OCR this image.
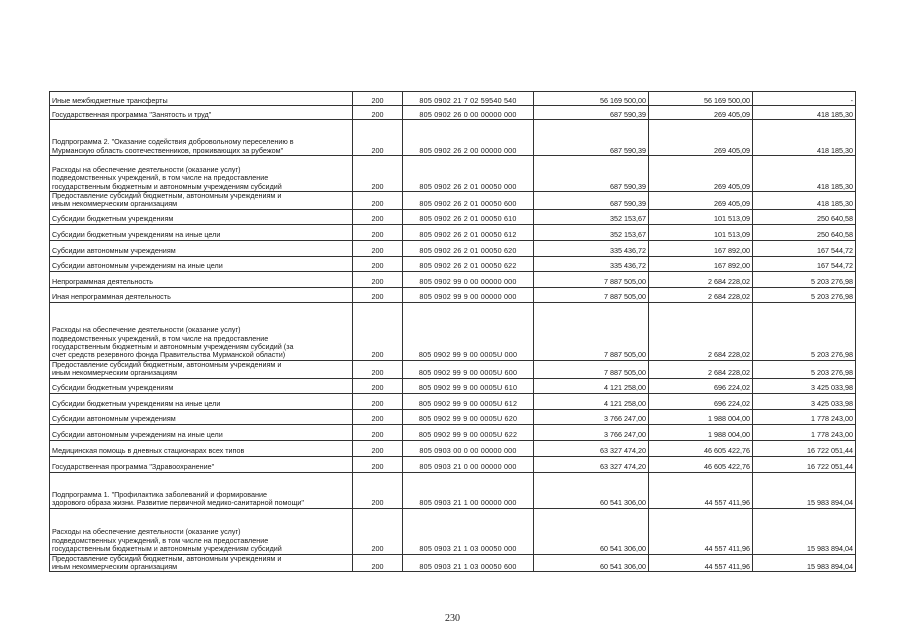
Иные межбюджетные трансферты	200	805 0902 21 7 02 59540 540	56 169 500,00	56 169 500,00	-
Государственная программа "Занятость и труд"	200	805 0902 26 0 00 00000 000	687 590,39	269 405,09	418 185,30
Подпрограмма 2. "Оказание содействия добровольному переселению в
Мурманскую область соотечественников, проживающих за рубежом"	200	805 0902 26 2 00 00000 000	687 590,39	269 405,09	418 185,30
Расходы на обеспечение деятельности (оказание услуг)
подведомственных учреждений, в том числе на предоставление
государственным бюджетным и автономным учреждениям субсидий	200	805 0902 26 2 01 00050 000	687 590,39	269 405,09	418 185,30
Предоставление субсидий бюджетным, автономным учреждениям и
иным некоммерческим организациям	200	805 0902 26 2 01 00050 600	687 590,39	269 405,09	418 185,30
Субсидии бюджетным учреждениям	200	805 0902 26 2 01 00050 610	352 153,67	101 513,09	250 640,58
Субсидии бюджетным учреждениям на иные цели	200	805 0902 26 2 01 00050 612	352 153,67	101 513,09	250 640,58
Субсидии автономным учреждениям	200	805 0902 26 2 01 00050 620	335 436,72	167 892,00	167 544,72
Субсидии автономным учреждениям на иные цели	200	805 0902 26 2 01 00050 622	335 436,72	167 892,00	167 544,72
Непрограммная деятельность	200	805 0902 99 0 00 00000 000	7 887 505,00	2 684 228,02	5 203 276,98
Иная непрограммная деятельность	200	805 0902 99 9 00 00000 000	7 887 505,00	2 684 228,02	5 203 276,98
Расходы на обеспечение деятельности (оказание услуг)
подведомственных учреждений, в том числе на предоставление
государственным бюджетным и автономным учреждениям субсидий (за
счет средств резервного фонда Правительства Мурманской области)	200	805 0902 99 9 00 0005U 000	7 887 505,00	2 684 228,02	5 203 276,98
Предоставление субсидий бюджетным, автономным учреждениям и
иным некоммерческим организациям	200	805 0902 99 9 00 0005U 600	7 887 505,00	2 684 228,02	5 203 276,98
Субсидии бюджетным учреждениям	200	805 0902 99 9 00 0005U 610	4 121 258,00	696 224,02	3 425 033,98
Субсидии бюджетным учреждениям на иные цели	200	805 0902 99 9 00 0005U 612	4 121 258,00	696 224,02	3 425 033,98
Субсидии автономным учреждениям	200	805 0902 99 9 00 0005U 620	3 766 247,00	1 988 004,00	1 778 243,00
Субсидии автономным учреждениям на иные цели	200	805 0902 99 9 00 0005U 622	3 766 247,00	1 988 004,00	1 778 243,00
Медицинская помощь в дневных стационарах всех типов	200	805 0903 00 0 00 00000 000	63 327 474,20	46 605 422,76	16 722 051,44
Государственная программа "Здравоохранение"	200	805 0903 21 0 00 00000 000	63 327 474,20	46 605 422,76	16 722 051,44
Подпрограмма 1. "Профилактика заболеваний и формирование
здорового образа жизни. Развитие первичной медико-санитарной помощи"	200	805 0903 21 1 00 00000 000	60 541 306,00	44 557 411,96	15 983 894,04
Расходы на обеспечение деятельности (оказание услуг)
подведомственных учреждений, в том числе на предоставление
государственным бюджетным и автономным учреждениям субсидий	200	805 0903 21 1 03 00050 000	60 541 306,00	44 557 411,96	15 983 894,04
Предоставление субсидий бюджетным, автономным учреждениям и
иным некоммерческим организациям	200	805 0903 21 1 03 00050 600	60 541 306,00	44 557 411,96	15 983 894,04
230
